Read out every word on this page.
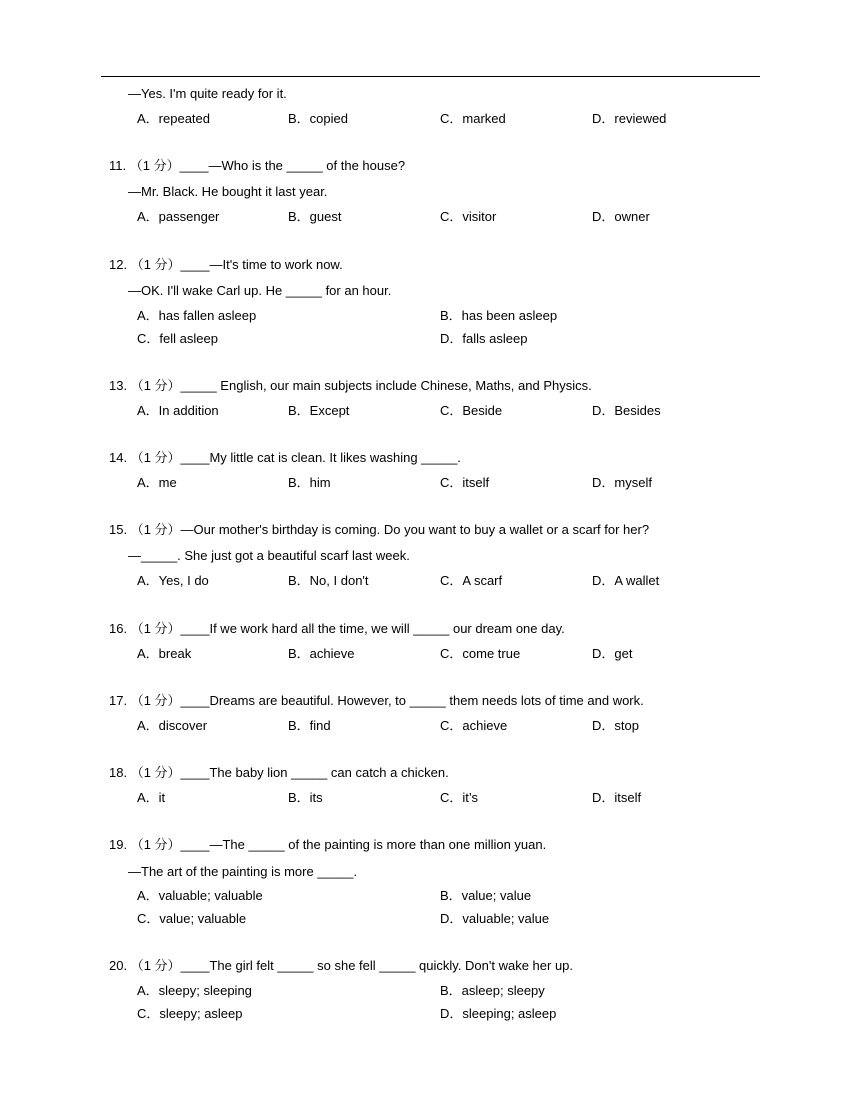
—Yes. I'm quite ready for it.
A．repeated	B．copied	C．marked	D．reviewed
11. （1 分）____—Who is the _____ of the house?
—Mr. Black. He bought it last year.
A．passenger	B．guest	C．visitor	D．owner
12. （1 分）____—It's time to work now.
—OK. I'll wake Carl up. He _____ for an hour.
A．has fallen asleep	B．has been asleep
C．fell asleep	D．falls asleep
13. （1 分）_____ English, our main subjects include Chinese, Maths, and Physics.
A．In addition	B．Except	C．Beside	D．Besides
14. （1 分）____My little cat is clean. It likes washing _____.
A．me	B．him	C．itself	D．myself
15. （1 分）—Our mother's birthday is coming. Do you want to buy a wallet or a scarf for her?
—_____. She just got a beautiful scarf last week.
A．Yes, I do	B．No, I don't	C．A scarf	D．A wallet
16. （1 分）____If we work hard all the time, we will _____ our dream one day.
A．break	B．achieve	C．come true	D．get
17. （1 分）____Dreams are beautiful. However, to _____ them needs lots of time and work.
A．discover	B．find	C．achieve	D．stop
18. （1 分）____The baby lion _____ can catch a chicken.
A．it	B．its	C．it’s	D．itself
19. （1 分）____—The _____ of the painting is more than one million yuan.
—The art of the painting is more _____.
A．valuable; valuable	B．value; value
C．value; valuable	D．valuable; value
20. （1 分）____The girl felt _____ so she fell _____ quickly. Don't wake her up.
A．sleepy; sleeping	B．asleep; sleepy
C．sleepy; asleep	D．sleeping; asleep
